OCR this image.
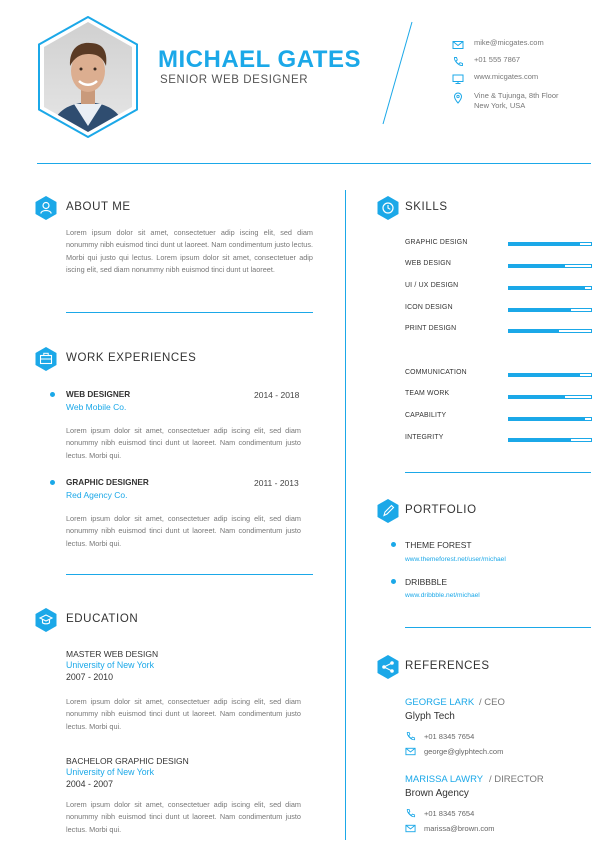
MICHAEL GATES
SENIOR WEB DESIGNER
mike@micgates.com
+01 555 7867
www.micgates.com
Vine & Tujunga, 8th Floor
New York, USA
ABOUT ME
Lorem ipsum dolor sit amet, consectetuer adip iscing elit, sed diam nonummy nibh euismod tinci dunt ut laoreet. Nam condimentum justo lectus. Morbi qui justo qui lectus. Lorem ipsum dolor sit amet, consectetuer adip iscing elit, sed diam nonummy nibh euismod tinci dunt ut laoreet.
WORK EXPERIENCES
WEB DESIGNER
Web Mobile Co.
2014 - 2018
Lorem ipsum dolor sit amet, consectetuer adip iscing elit, sed diam nonummy nibh euismod tinci dunt ut laoreet. Nam condimentum justo lectus. Morbi qui.
GRAPHIC DESIGNER
Red Agency Co.
2011 - 2013
Lorem ipsum dolor sit amet, consectetuer adip iscing elit, sed diam nonummy nibh euismod tinci dunt ut laoreet. Nam condimentum justo lectus. Morbi qui.
EDUCATION
MASTER WEB DESIGN
University of New York
2007 - 2010
Lorem ipsum dolor sit amet, consectetuer adip iscing elit, sed diam nonummy nibh euismod tinci dunt ut laoreet. Nam condimentum justo lectus. Morbi qui.
BACHELOR GRAPHIC DESIGN
University of New York
2004 - 2007
Lorem ipsum dolor sit amet, consectetuer adip iscing elit, sed diam nonummy nibh euismod tinci dunt ut laoreet. Nam condimentum justo lectus. Morbi qui.
SKILLS
GRAPHIC DESIGN
WEB DESIGN
UI / UX DESIGN
ICON DESIGN
PRINT DESIGN
COMMUNICATION
TEAM WORK
CAPABILITY
INTEGRITY
PORTFOLIO
THEME FOREST
www.themeforest.net/user/michael
DRIBBBLE
www.dribbble.net/michael
REFERENCES
GEORGE LARK / CEO
Glyph Tech
+01 8345 7654
george@glyphtech.com
MARISSA LAWRY / DIRECTOR
Brown Agency
+01 8345 7654
marissa@brown.com
